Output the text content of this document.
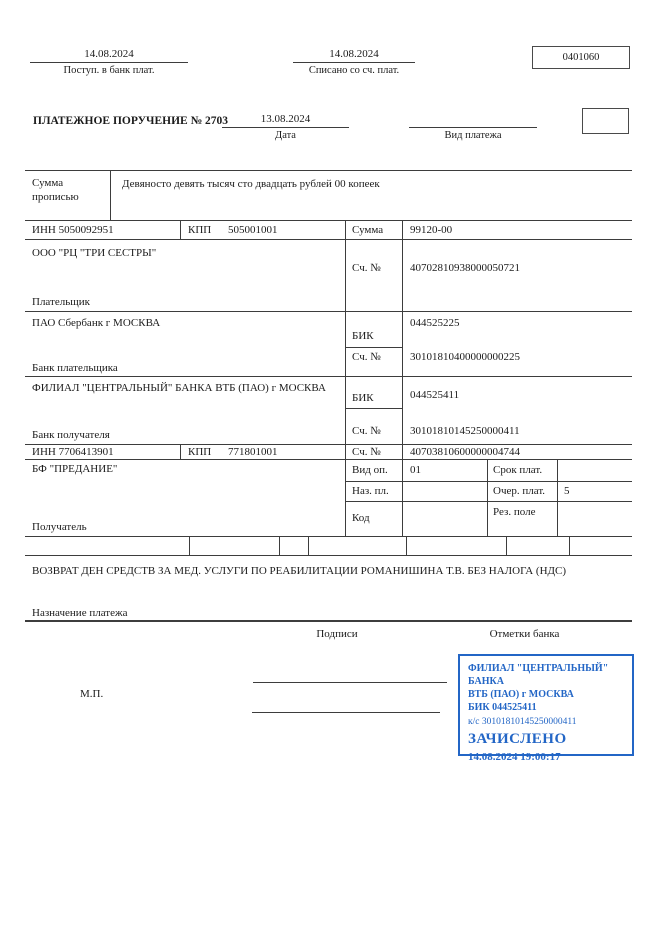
14.08.2024
Поступ. в банк плат.
14.08.2024
Списано со сч. плат.
0401060
ПЛАТЕЖНОЕ ПОРУЧЕНИЕ № 2703	13.08.2024
Дата	Вид платежа
Сумма прописью
Девяносто девять тысяч сто двадцать рублей 00 копеек
ИНН 5050092951	КПП 505001001	Сумма 99120-00
ООО "РЦ "ТРИ СЕСТРЫ"
Сч. №	40702810938000050721
Плательщик
ПАО Сбербанк г МОСКВА
БИК
044525225
Сч. №	30101810400000000225
Банк плательщика
ФИЛИАЛ "ЦЕНТРАЛЬНЫЙ" БАНКА ВТБ (ПАО) г МОСКВА
БИК	044525411
Сч. №	30101810145250000411
Банк получателя
ИНН 7706413901	КПП 771801001	Сч. №	40703810600000004744
БФ "ПРЕДАНИЕ"	Вид оп. 01	Срок плат.
Наз. пл.	Очер. плат. 5
Код	Рез. поле
Получатель
ВОЗВРАТ ДЕН СРЕДСТВ ЗА МЕД. УСЛУГИ ПО РЕАБИЛИТАЦИИ РОМАНИШИНА Т.В. БЕЗ НАЛОГА (НДС)
Назначение платежа
Подписи	Отметки банка
М.П.
ФИЛИАЛ "ЦЕНТРАЛЬНЫЙ" БАНКА
ВТБ (ПАО) г МОСКВА
БИК 044525411
к/с 30101810145250000411
ЗАЧИСЛЕНО
14.08.2024 19:00:17
